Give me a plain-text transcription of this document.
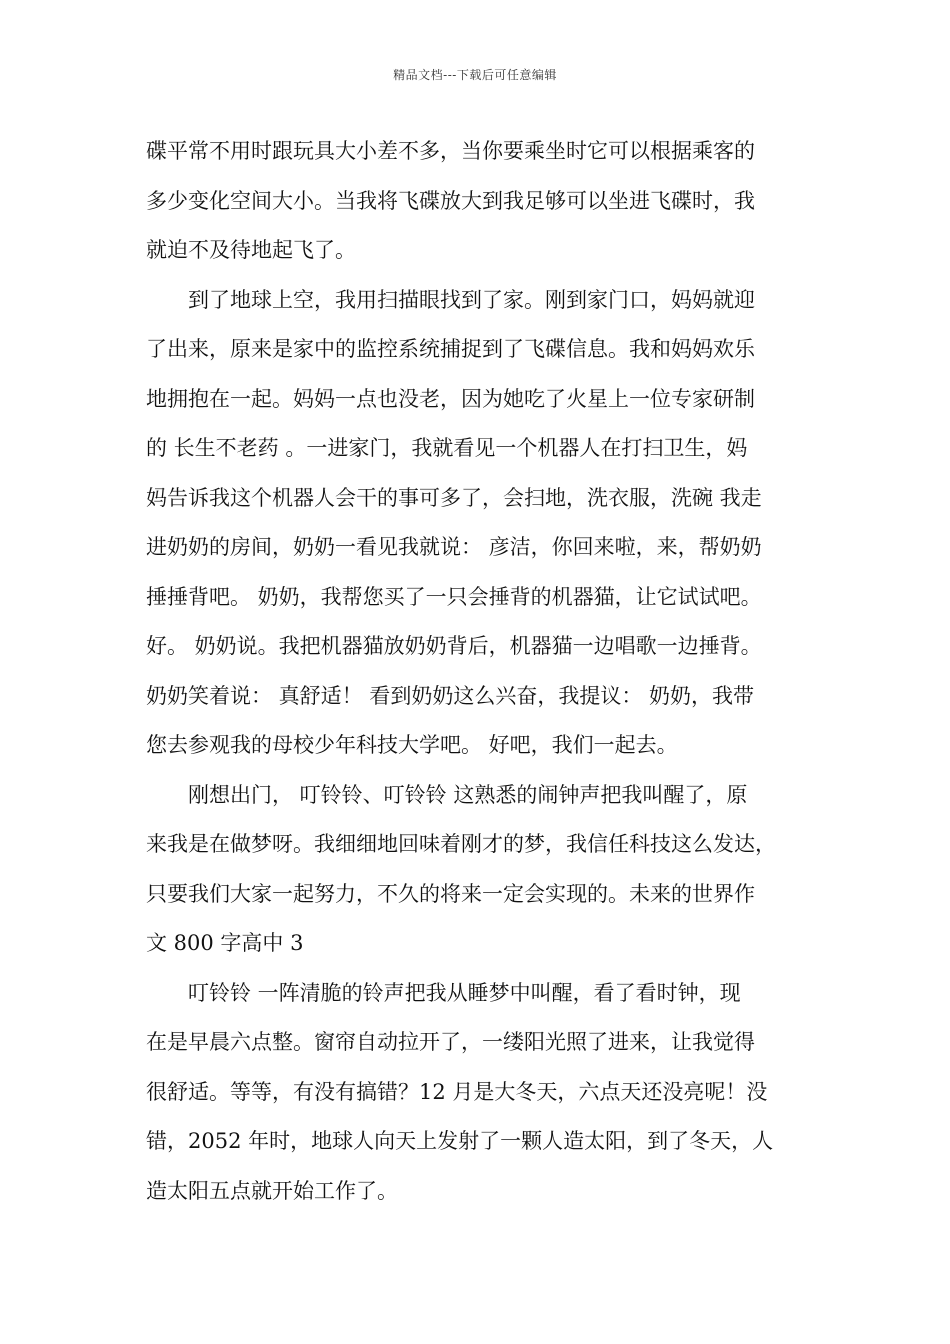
精品文档---下载后可任意编辑

碟平常不用时跟玩具大小差不多，当你要乘坐时它可以根据乘客的
多少变化空间大小。当我将飞碟放大到我足够可以坐进飞碟时，我
就迫不及待地起飞了。

　　到了地球上空，我用扫描眼找到了家。刚到家门口，妈妈就迎
了出来，原来是家中的监控系统捕捉到了飞碟信息。我和妈妈欢乐
地拥抱在一起。妈妈一点也没老，因为她吃了火星上一位专家研制
的 长生不老药 。一进家门，我就看见一个机器人在打扫卫生，妈
妈告诉我这个机器人会干的事可多了，会扫地，洗衣服，洗碗 我走
进奶奶的房间，奶奶一看见我就说： 彦洁，你回来啦，来，帮奶奶
捶捶背吧。 奶奶，我帮您买了一只会捶背的机器猫，让它试试吧。
好。 奶奶说。我把机器猫放奶奶背后，机器猫一边唱歌一边捶背。
奶奶笑着说： 真舒适！ 看到奶奶这么兴奋，我提议： 奶奶，我带
您去参观我的母校少年科技大学吧。 好吧，我们一起去。

　　刚想出门， 叮铃铃、叮铃铃 这熟悉的闹钟声把我叫醒了，原
来我是在做梦呀。我细细地回味着刚才的梦，我信任科技这么发达，
只要我们大家一起努力，不久的将来一定会实现的。未来的世界作
文 800 字高中 3

　　叮铃铃 一阵清脆的铃声把我从睡梦中叫醒，看了看时钟，现
在是早晨六点整。窗帘自动拉开了，一缕阳光照了进来，让我觉得
很舒适。等等，有没有搞错？12 月是大冬天，六点天还没亮呢！没
错，2052 年时，地球人向天上发射了一颗人造太阳，到了冬天，人
造太阳五点就开始工作了。
